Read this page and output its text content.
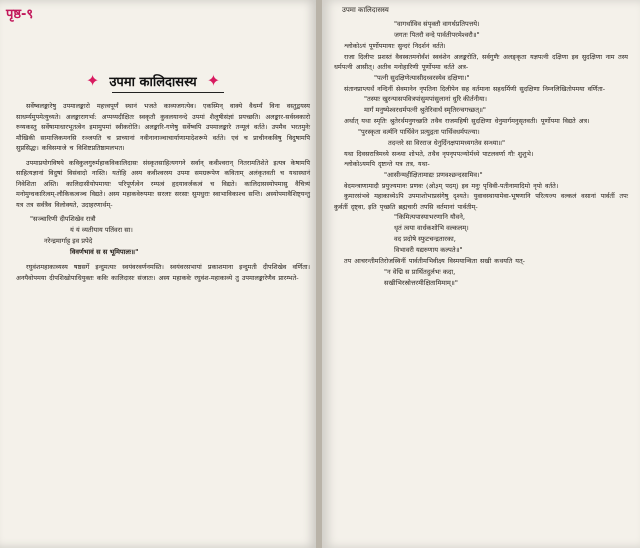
पृष्ठ-९
✦ उपमा कालिदासस्य ✦

सर्वेष्वलङ्कारेषु उपमालङ्कारो महत्त्वपूर्णं स्थानं भजते काव्यजगत्येव। एकस्मिन् वाक्ये वैधर्म्यं विना वस्तुद्वयस्य साधर्म्यमुपमेत्युच्यते। अलङ्कारागर्भा: अप्पय्यदीक्षितः स्वकृतौ कुवलयानन्दे उपमां शैलूषीसंज्ञां प्रयच्छति। अलङ्कार-सर्वस्वकारो रुय्यकस्तु सर्वेषामाधारभूतत्वेन इमामुपमां स्वीकरोति। अलङ्कारि-गणेषु सर्वेष्वपि उपमालङ्कारे तन्मूलं वर्तते। उपमैव भरतमुनेः मौखिकी सामाजिकमनसि रञ्जयति च प्राच्यानां नवीनानाञ्चाचार्याणामादेशरूपे वर्तते। एवं च प्राचीनकविषु विदुषामपि सुप्रसिद्धः। कविसमाजे च विशिष्टप्रतिष्ठामलभत।

उपमाप्रयोगविषये कविकुलगुरुर्महाकविकालिदासः संस्कृतसाहित्यगगने सर्वान् कवीश्वरान् नितरामतिशेते इत्यत्र केषामपि साहित्यज्ञानां विदुषां विसंवादो नास्ति। यतोहि अस्य कवीश्वरस्य उपमा समग्ररूपेण कविताम् अलंकृतवती च यथास्थानं निवेशिता अस्ति। कालिदासीयोपमायाः परिपूर्णत्वेन रम्यत्वं हृदयावर्जकत्वं च विद्यते। कालिदासस्योपमासु वैचित्र्यं मनोमुग्धकारित्वम्-लौकिकत्वञ्च विद्यते। अस्य महाकवेरुपमाः सरलाः सरसाः सुमधुराः स्वाभाविकाश्च सन्ति। अस्योपमावैशिष्ट्यन्तु यत्र तत्र सर्वत्रैव विलोक्यते, उदाहरणार्थम्-

"सञ्चारिणी दीपशिखेव रात्रौ
यं यं व्यतीयाय पतिंवरा सा।
नरेन्द्रमार्गाट्ट इव प्रपेदे
विवर्णभावं स स भूमिपालः॥"

रघुवंशमहाकाव्यस्य षष्ठसर्गे इन्दुमत्याः स्वयंवरवर्णनमस्ति। स्वयंवरसभायां प्रकाशमाना इन्दुमती दीपशिखेव वर्णिता। अनयैवोपमया दीपशिखोपाधियुक्तः कविः कालिदासः संजातः। अस्य महाकवेः रघुवंश-महाकाव्ये तु उपमालङ्कारेणैव प्रारम्भते-

उपमा कालिदासस्य
"वागर्थाविव संपृक्तौ वागर्थप्रतिपत्तये।
जगतः पितरौ वन्दे पार्वतीपरमेश्वरौ॥"

श्लोकोऽयं पूर्णोपमायाः सुन्दरं निदर्शनं वर्तते।

राजा दिलीपः प्रशस्तं वैवस्वतमनोर्वंशं स्ववंशेन अलङ्करोति, सर्वगुणैः अलङ्कृता यज्ञपत्नी दक्षिणा इव सुदक्षिणा नाम तस्य धर्मपत्नी आसीत्। अतीव मनोहारिणी पूर्णोपमा वर्तते अत्र-

"पत्नी सुदक्षिणेत्यासीदध्वरस्येव दक्षिणा।"

संतानप्राप्त्यर्थं नन्दिनीं सेवमानेन नृपतिना दिलीपेन सह वर्तमाना सहधर्मिणी सुदक्षिणा निम्नलिखितोपमया वर्णिता-

"तस्याः खुरन्यासपवित्रपांसुमपांसुलानां धुरि कीर्तनीया।
मार्गं मनुष्येश्वरधर्मपत्नी श्रुतेरिवार्थं स्मृतिरन्वगच्छत्॥"

अर्थात् यथा स्मृतिः श्रुतेरर्थमनुगच्छति तथैव राजमहिषी सुदक्षिणा धेनुमार्गमनुसृतवती। पूर्णोपमा विद्यते अत्र।

"पुरस्कृता वर्त्मनि पार्थिवेन प्रत्युद्गता पार्थिवधर्मपत्न्या।
तदन्तरे सा विरराज धेनुर्दिनक्षपामध्यगतेव सन्ध्या॥"

यथा दिवसरात्रिमध्ये सन्ध्या शोभते, तथैव नृपनृपपत्न्योर्मध्ये पाटलवर्णा गौः शुशुभे।

श्लोकोऽयमपि दृष्टान्ते यत्र तत्र, यथा-

"आसीन्महीक्षितामाद्यः प्रणवश्छन्दसामिव।"

वेदमन्त्राणामादौ प्रयुज्यमानः प्रणवः (ओ३म् पदम्) इव मनुः पृथिवी-पतीनामादिमो नृपो वर्तते।

कुमारसंभवे महाकाव्येऽपि उपमाशोभाप्रसंगेषु दृश्यते। युवावस्थायामेवा-भूषणानि परित्यज्य वल्कलं वसानां पार्वतीं तपः कुर्वतीं दृष्ट्वा, इति पृच्छति ब्रह्मचारी तपसि वर्तमानां पार्वतीम्-

"किमित्यपास्याभरणानि यौवने,
धृतं त्वया वार्धकशोभि वल्कलम्।
वद प्रदोषे स्फुटचन्द्रतारका,
विभावरी यद्यरुणाय कल्पते॥"

तप आचरन्तीमतिरोजस्विनीं पार्वतीमभिवीक्ष्य विस्मयान्विता सखी कथयति यत्-

"न वेद्मि स प्रार्थितदुर्लभः कदा,
सखीभिरस्रोत्तरमीक्षितामिमाम्॥"
